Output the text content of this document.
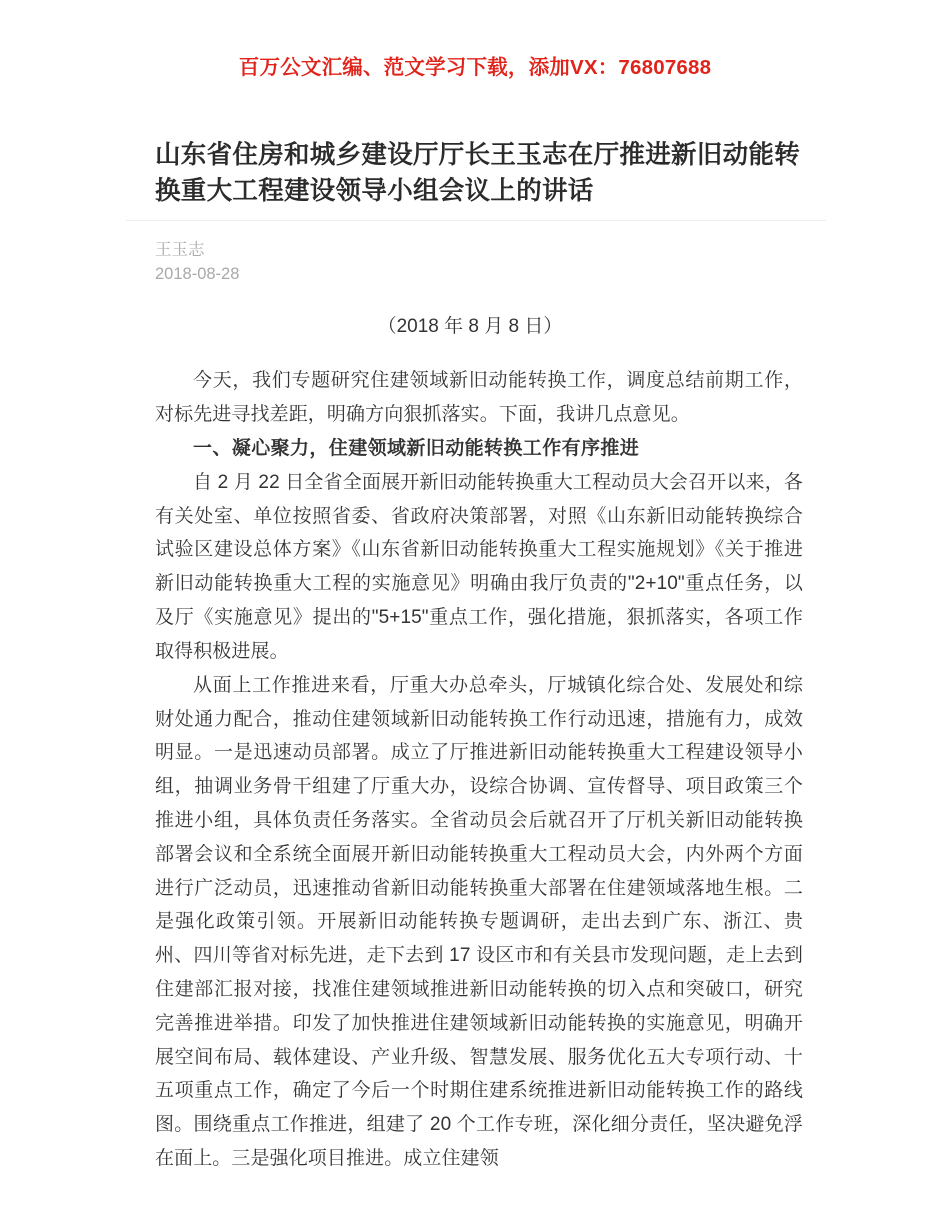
百万公文汇编、范文学习下载，添加VX：76807688
山东省住房和城乡建设厅厅长王玉志在厅推进新旧动能转换重大工程建设领导小组会议上的讲话
王玉志
2018-08-28

（2018 年 8 月 8 日）

今天，我们专题研究住建领域新旧动能转换工作，调度总结前期工作，对标先进寻找差距，明确方向狠抓落实。下面，我讲几点意见。

一、凝心聚力，住建领域新旧动能转换工作有序推进

自 2 月 22 日全省全面展开新旧动能转换重大工程动员大会召开以来，各有关处室、单位按照省委、省政府决策部署，对照《山东新旧动能转换综合试验区建设总体方案》《山东省新旧动能转换重大工程实施规划》《关于推进新旧动能转换重大工程的实施意见》明确由我厅负责的"2+10"重点任务，以及厅《实施意见》提出的"5+15"重点工作，强化措施，狠抓落实，各项工作取得积极进展。

从面上工作推进来看，厅重大办总牵头，厅城镇化综合处、发展处和综财处通力配合，推动住建领域新旧动能转换工作行动迅速，措施有力，成效明显。一是迅速动员部署。成立了厅推进新旧动能转换重大工程建设领导小组，抽调业务骨干组建了厅重大办，设综合协调、宣传督导、项目政策三个推进小组，具体负责任务落实。全省动员会后就召开了厅机关新旧动能转换部署会议和全系统全面展开新旧动能转换重大工程动员大会，内外两个方面进行广泛动员，迅速推动省新旧动能转换重大部署在住建领域落地生根。二是强化政策引领。开展新旧动能转换专题调研，走出去到广东、浙江、贵州、四川等省对标先进，走下去到 17 设区市和有关县市发现问题，走上去到住建部汇报对接，找准住建领域推进新旧动能转换的切入点和突破口，研究完善推进举措。印发了加快推进住建领域新旧动能转换的实施意见，明确开展空间布局、载体建设、产业升级、智慧发展、服务优化五大专项行动、十五项重点工作，确定了今后一个时期住建系统推进新旧动能转换工作的路线图。围绕重点工作推进，组建了 20 个工作专班，深化细分责任，坚决避免浮在面上。三是强化项目推进。成立住建领
